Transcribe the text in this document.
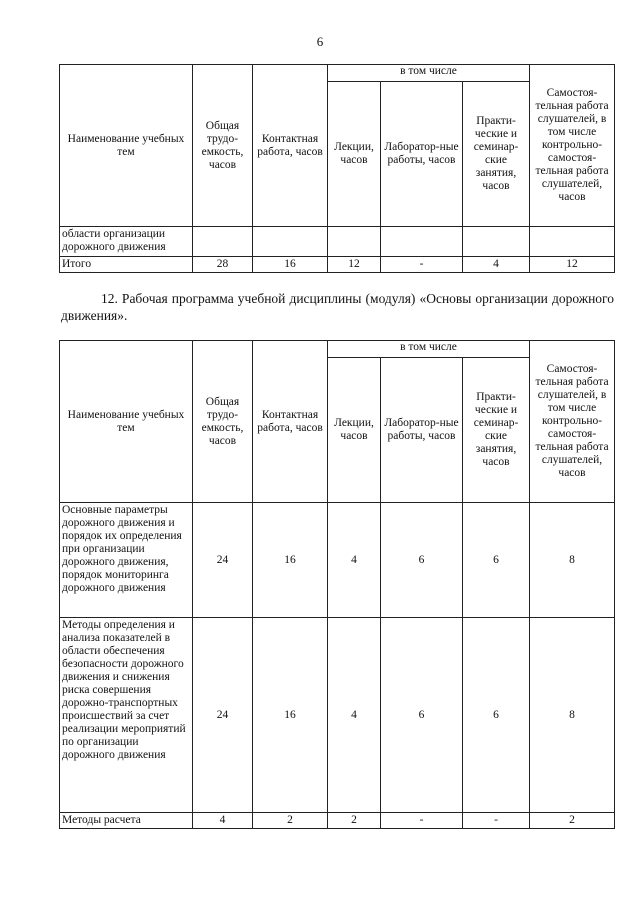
6
Наименование учебных тем	Общая трудо-емкость, часов	Контактная работа, часов	в том числе			Самостоя-тельная работа слушателей, в том числе контрольно-самостоя-тельная работа слушателей, часов
			Лекции, часов	Лаборатор-ные работы, часов	Практи-ческие и семинар-ские занятия, часов	
области организации дорожного движения						
Итого	28	16	12	-	4	12
12. Рабочая программа учебной дисциплины (модуля) «Основы организации дорожного движения».
Наименование учебных тем	Общая трудо-емкость, часов	Контактная работа, часов	в том числе			Самостоя-тельная работа слушателей, в том числе контрольно-самостоя-тельная работа слушателей, часов
			Лекции, часов	Лаборатор-ные работы, часов	Практи-ческие и семинар-ские занятия, часов	
Основные параметры дорожного движения и порядок их определения при организации дорожного движения, порядок мониторинга дорожного движения	24	16	4	6	6	8
Методы определения и анализа показателей в области обеспечения безопасности дорожного движения и снижения риска совершения дорожно-транспортных происшествий за счет реализации мероприятий по организации дорожного движения	24	16	4	6	6	8
Методы расчета	4	2	2	-	-	2
